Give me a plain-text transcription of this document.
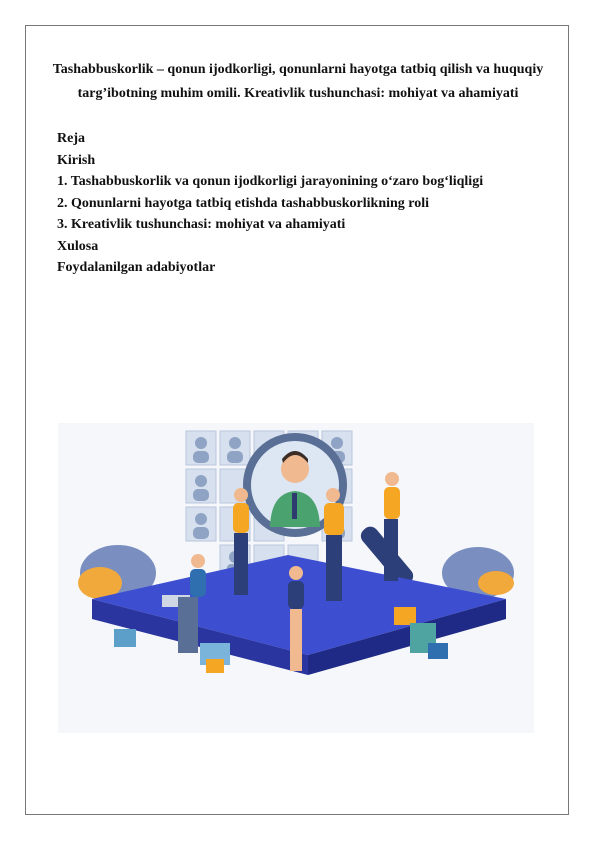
Tashabbuskorlik – qonun ijodkorligi, qonunlarni hayotga tatbiq qilish va huquqiy
targ’ibotning muhim omili. Kreativlik tushunchasi: mohiyat va ahamiyati
Reja
Kirish
1. Tashabbuskorlik va qonun ijodkorligi jarayonining o‘zaro bog‘liqligi
2. Qonunlarni hayotga tatbiq etishda tashabbuskorlikning roli
3. Kreativlik tushunchasi: mohiyat va ahamiyati
Xulosa
Foydalanilgan adabiyotlar
